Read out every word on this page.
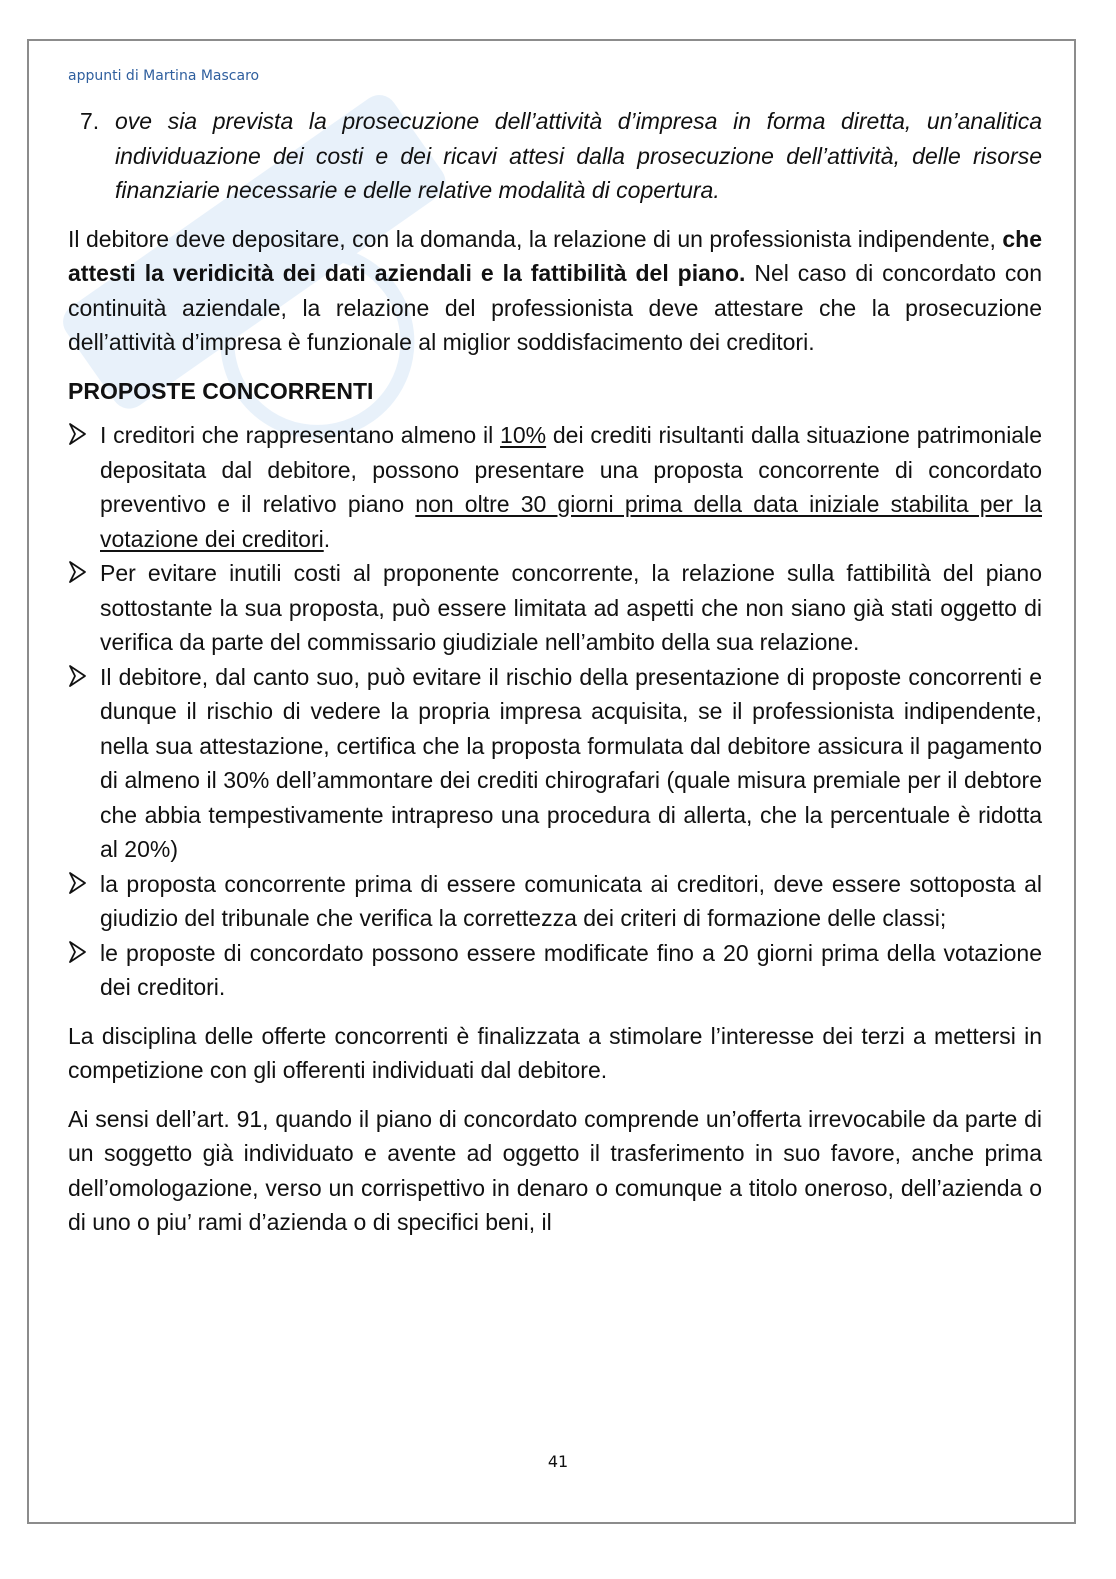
appunti di Martina Mascaro

7. ove sia prevista la prosecuzione dell’attività d’impresa in forma diretta, un’analitica individuazione dei costi e dei ricavi attesi dalla prosecuzione dell’attività, delle risorse finanziarie necessarie e delle relative modalità di copertura.

Il debitore deve depositare, con la domanda, la relazione di un professionista indipendente, che attesti la veridicità dei dati aziendali e la fattibilità del piano. Nel caso di concordato con continuità aziendale, la relazione del professionista deve attestare che la prosecuzione dell’attività d’impresa è funzionale al miglior soddisfacimento dei creditori.

PROPOSTE CONCORRENTI
I creditori che rappresentano almeno il 10% dei crediti risultanti dalla situazione patrimoniale depositata dal debitore, possono presentare una proposta concorrente di concordato preventivo e il relativo piano non oltre 30 giorni prima della data iniziale stabilita per la votazione dei creditori.
Per evitare inutili costi al proponente concorrente, la relazione sulla fattibilità del piano sottostante la sua proposta, può essere limitata ad aspetti che non siano già stati oggetto di verifica da parte del commissario giudiziale nell’ambito della sua relazione.
Il debitore, dal canto suo, può evitare il rischio della presentazione di proposte concorrenti e dunque il rischio di vedere la propria impresa acquisita, se il professionista indipendente, nella sua attestazione, certifica che la proposta formulata dal debitore assicura il pagamento di almeno il 30% dell’ammontare dei crediti chirografari (quale misura premiale per il debtore che abbia tempestivamente intrapreso una procedura di allerta, che la percentuale è ridotta al 20%)
la proposta concorrente prima di essere comunicata ai creditori, deve essere sottoposta al giudizio del tribunale che verifica la correttezza dei criteri di formazione delle classi;
le proposte di concordato possono essere modificate fino a 20 giorni prima della votazione dei creditori.

La disciplina delle offerte concorrenti è finalizzata a stimolare l’interesse dei terzi a mettersi in competizione con gli offerenti individuati dal debitore.

Ai sensi dell’art. 91, quando il piano di concordato comprende un’offerta irrevocabile da parte di un soggetto già individuato e avente ad oggetto il trasferimento in suo favore, anche prima dell’omologazione, verso un corrispettivo in denaro o comunque a titolo oneroso, dell’azienda o di uno o piu’ rami d’azienda o di specifici beni, il

41
